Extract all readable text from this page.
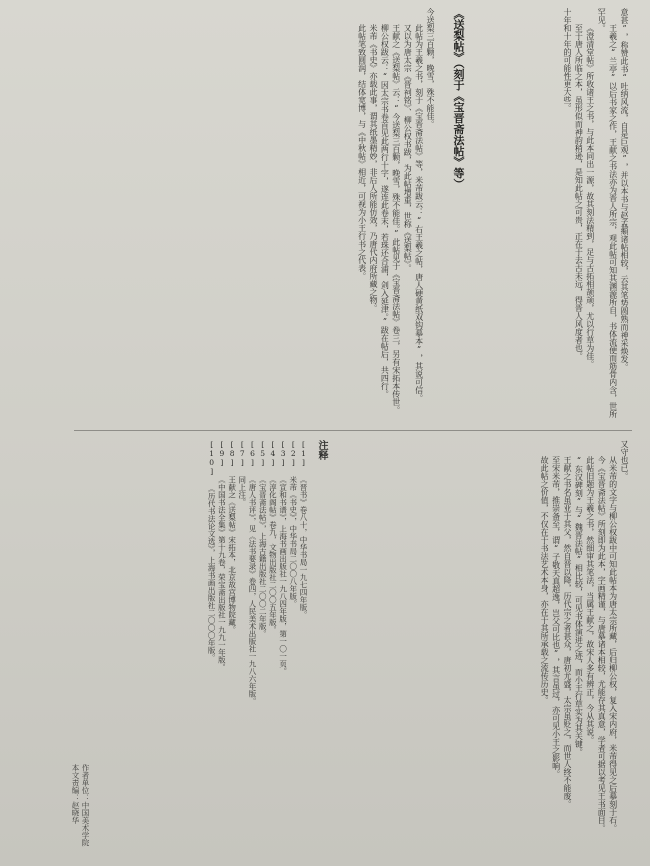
意甚”，称赞此书“吐纳风流，自是巨观”，并以本书与赵孟頫诸帖相较，云其笔势圆熟而神采焕发。

王羲之“兰亭”以后书家之作，王献之书法亦为晋人所宗，观此帖可知其渊源所自，书体流便而筋骨内含，世所罕见。

《澄清堂帖》所收诸王之书，与此本同出一源，故其刻法精到，足与古拓相颉颃，尤以行草为佳。

至于唐人所临之本，虽形似而神韵稍逊，是知此帖之可贵，正在于去古未远，得晋人风度者也。

十年和十年的可能性更大些。

《送梨帖》（刻于《宝晋斋法帖》等）

今送梨三百颗，晚雪，殊不能佳。

此帖为王羲之书，刻于《宝晋斋法帖》等，米芾跋云：“右王羲之帖，唐人硬黄纸双钩摹本”，其说可信。

又以为唐太宗《晋祠铭》、柳公权书跋，为此帖增重，世称《送梨帖》。

王献之《送梨帖》云：“今送梨三百颗，晚雪，殊不能佳。”此帖见于《宝晋斋法帖》卷三，另有宋拓本传世。

柳公权跋云：“因太宗书卷首见此两行十字，遂连此卷末，若珠还合浦，剑入延津。”跋在帖后，共四行。

米芾《书史》亦载此事，谓其纸墨精妙，非后人所能仿效，乃唐代内府所藏之物。

此帖笔致圆润，结体宽博，与《中秋帖》相近，可视为小王行书之代表。

又守也已。

从米芾的文字与柳公权跋中可知此帖本为唐太宗所藏，后归柳公权，复入宋内府，米芾得见之后摹刻于石。

今《宝晋斋法帖》所刻即为此本，字画精谨，与唐摹诸本相较，尤能存其真意，学者可据以考见王书面目。

此帖旧题为王羲之书，然细审其笔法，当属王献之，故宋人多有辨正，今从其说。

“东汉碑刻”与“魏晋法帖”相比较，可见书体演进之迹，而小王行草实为其关键。

王献之书名虽亚于其父，然自晋以降，历代宗之者甚众，唐初尤盛，太宗虽贬之，而世人终不能废。

至宋米芾，推崇备至，谓“子敬天真超逸，岂父可比也”，其言虽过，亦可见小王之影响。

故此帖之价值，不仅在于书法艺术本身，亦在于其所承载之流传历史。

注释

[1] 《晋书》卷八十，中华书局一九七四年版。

[2] 米芾《书史》，中华书局二〇〇八年版。

[3] 《宣和书谱》，上海书画出版社一九八四年版，第一〇一页。

[4] 《淳化阁帖》卷九，文物出版社二〇〇五年版。

[5] 《宝晋斋法帖》，上海古籍出版社二〇〇二年版。

[6] 《唐人书评》，见《法书要录》卷四，人民美术出版社一九八六年版。

[7] 同上注。

[8] 王献之《送梨帖》宋拓本，北京故宫博物院藏。

[9] 《中国书法全集》第十九卷，荣宝斋出版社一九九一年版。

[10] 《历代书法论文选》，上海书画出版社二〇〇〇年版。

作者单位：中国美术学院
本文责编：赵晓华
